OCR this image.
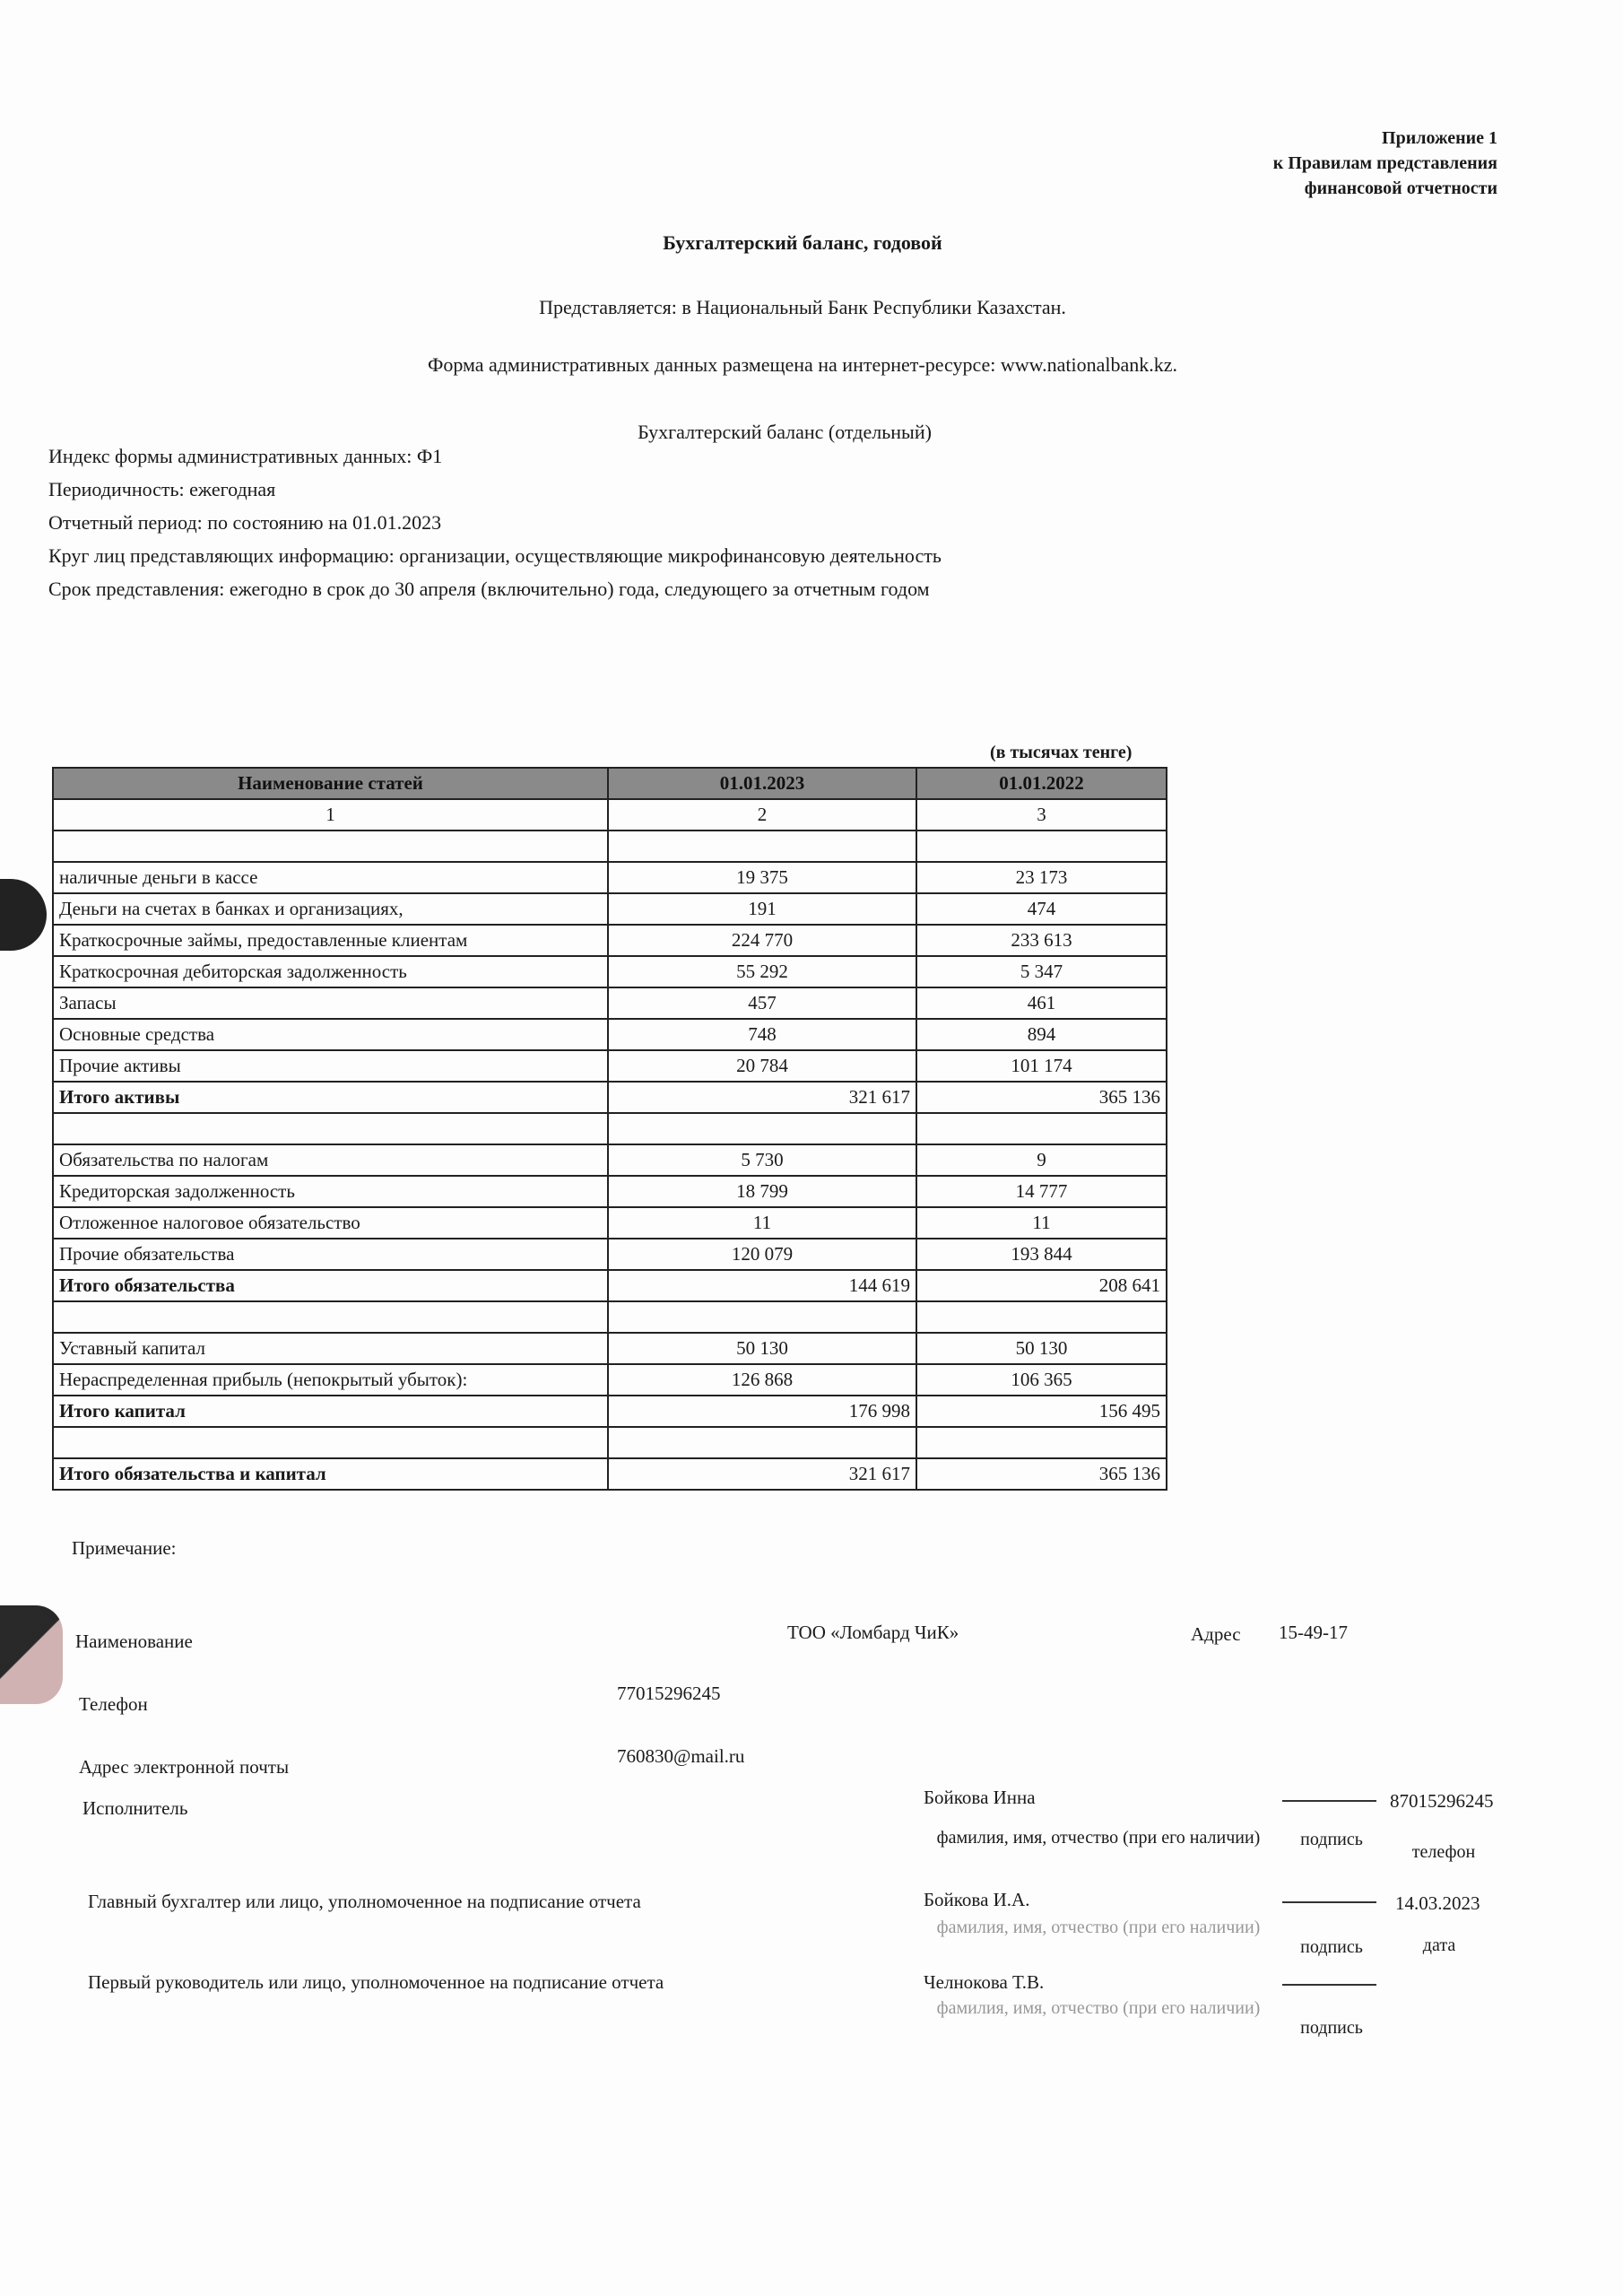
Приложение 1
к Правилам представления
финансовой отчетности
Бухгалтерский баланс, годовой
Представляется: в Национальный Банк Республики Казахстан.
Форма административных данных размещена на интернет-ресурсе: www.nationalbank.kz.
Бухгалтерский баланс (отдельный)
Индекс формы административных данных: Ф1
Периодичность: ежегодная
Отчетный период: по состоянию на 01.01.2023
Круг лиц представляющих информацию: организации, осуществляющие микрофинансовую деятельность
Срок представления: ежегодно в срок до 30 апреля (включительно) года, следующего за отчетным годом
(в тысячах тенге)
Наименование статей	01.01.2023	01.01.2022
1	2	3

наличные деньги в кассе	19 375	23 173
Деньги на счетах в банках и организациях,	191	474
Краткосрочные займы, предоставленные клиентам	224 770	233 613
Краткосрочная дебиторская задолженность	55 292	5 347
Запасы	457	461
Основные средства	748	894
Прочие активы	20 784	101 174
Итого активы	321 617	365 136

Обязательства по налогам	5 730	9
Кредиторская задолженность	18 799	14 777
Отложенное налоговое обязательство	11	11
Прочие обязательства	120 079	193 844
Итого обязательства	144 619	208 641

Уставный капитал	50 130	50 130
Нераспределенная прибыль (непокрытый убыток):	126 868	106 365
Итого капитал	176 998	156 495

Итого обязательства и капитал	321 617	365 136
Примечание:
Наименование	ТОО «Ломбард ЧиК»	Адрес 15-49-17
Телефон	77015296245
Адрес электронной почты	760830@mail.ru
Исполнитель	Бойкова Инна	87015296245
фамилия, имя, отчество (при его наличии)	подпись
телефон
Главный бухгалтер или лицо, уполномоченное на подписание отчета	Бойкова И.А.	14.03.2023
фамилия, имя, отчество (при его наличии)
подпись	дата
Первый руководитель или лицо, уполномоченное на подписание отчета	Челнокова Т.В.
фамилия, имя, отчество (при его наличии)
подпись
